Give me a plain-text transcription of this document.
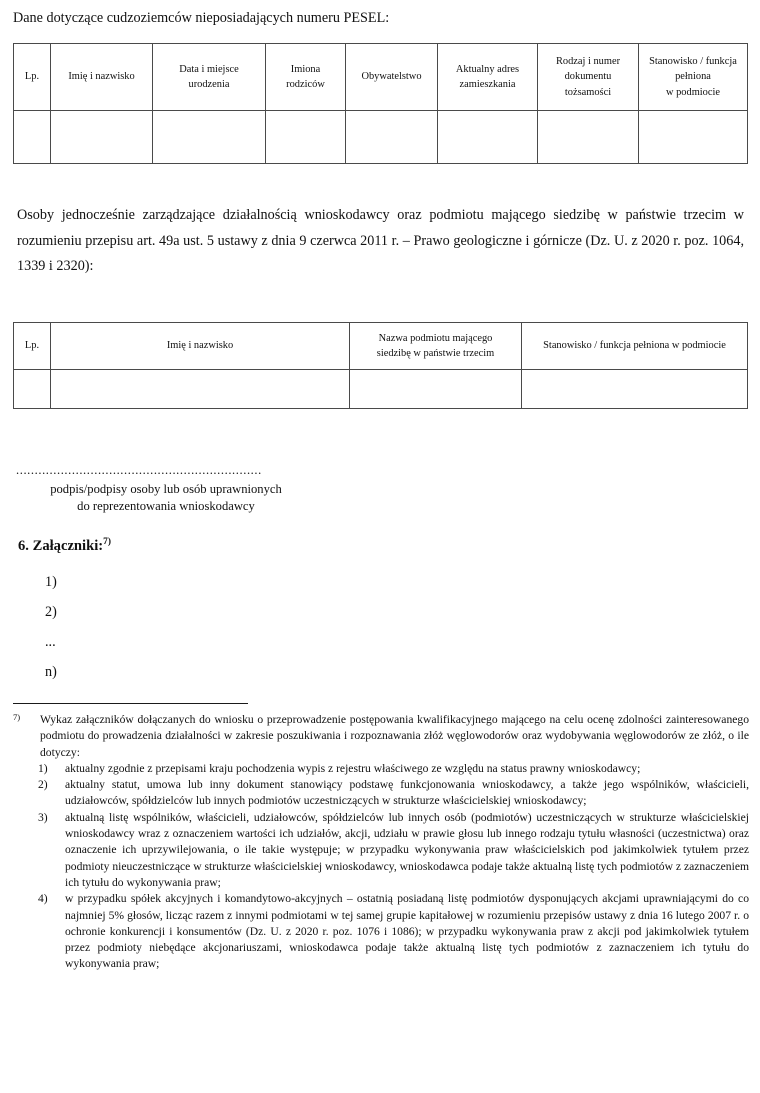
Dane dotyczące cudzoziemców nieposiadających numeru PESEL:
Lp.	Imię i nazwisko	Data i miejsce
urodzenia	Imiona
rodziców	Obywatelstwo	Aktualny adres
zamieszkania	Rodzaj i numer
dokumentu
tożsamości	Stanowisko / funkcja
pełniona
w podmiocie

Osoby jednocześnie zarządzające działalnością wnioskodawcy oraz podmiotu mającego siedzibę w państwie trzecim w rozumieniu przepisu art. 49a ust. 5 ustawy z dnia 9 czerwca 2011 r. – Prawo geologiczne i górnicze (Dz. U. z 2020 r. poz. 1064, 1339 i 2320):
Lp.	Imię i nazwisko	Nazwa podmiotu mającego
siedzibę w państwie trzecim	Stanowisko / funkcja pełniona w podmiocie

..................................................................
podpis/podpisy osoby lub osób uprawnionych
do reprezentowania wnioskodawcy
6. Załączniki:$^{7)}$
1)
2)
...
n)

7) Wykaz załączników dołączanych do wniosku o przeprowadzenie postępowania kwalifikacyjnego mającego na celu ocenę zdolności zainteresowanego podmiotu do prowadzenia działalności w zakresie poszukiwania i rozpoznawania złóż węglowodorów oraz wydobywania węglowodorów ze złóż, o ile dotyczy:

1)	aktualny zgodnie z przepisami kraju pochodzenia wypis z rejestru właściwego ze względu na status prawny wnioskodawcy;
2)	aktualny statut, umowa lub inny dokument stanowiący podstawę funkcjonowania wnioskodawcy, a także jego wspólników, właścicieli, udziałowców, spółdzielców lub innych podmiotów uczestniczących w strukturze właścicielskiej wnioskodawcy;
3)	aktualną listę wspólników, właścicieli, udziałowców, spółdzielców lub innych osób (podmiotów) uczestniczących w strukturze właścicielskiej wnioskodawcy wraz z oznaczeniem wartości ich udziałów, akcji, udziału w prawie głosu lub innego rodzaju tytułu własności (uczestnictwa) oraz oznaczenie ich uprzywilejowania, o ile takie występuje; w przypadku wykonywania praw właścicielskich pod jakimkolwiek tytułem przez podmioty nieuczestniczące w strukturze właścicielskiej wnioskodawcy, wnioskodawca podaje także aktualną listę tych podmiotów z zaznaczeniem ich tytułu do wykonywania praw;
4)	w przypadku spółek akcyjnych i komandytowo-akcyjnych – ostatnią posiadaną listę podmiotów dysponujących akcjami uprawniającymi do co najmniej 5% głosów, licząc razem z innymi podmiotami w tej samej grupie kapitałowej w rozumieniu przepisów ustawy z dnia 16 lutego 2007 r. o ochronie konkurencji i konsumentów (Dz. U. z 2020 r. poz. 1076 i 1086); w przypadku wykonywania praw z akcji pod jakimkolwiek tytułem przez podmioty niebędące akcjonariuszami, wnioskodawca podaje także aktualną listę tych podmiotów z zaznaczeniem ich tytułu do wykonywania praw;
